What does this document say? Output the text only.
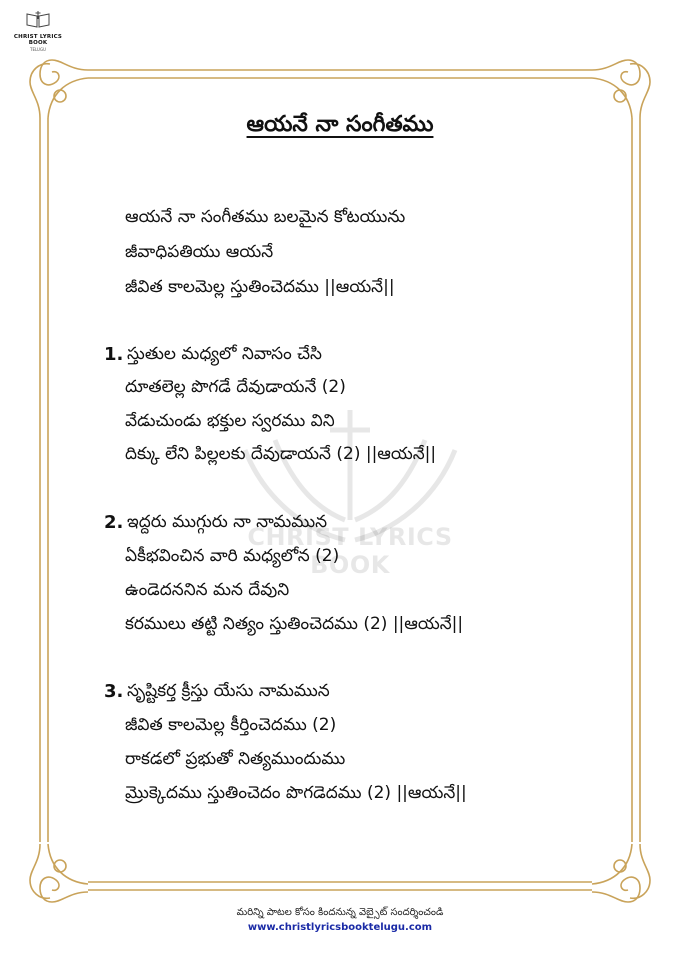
CHRIST LYRICS BOOK
TELUGU
CHRIST LYRICS BOOK
ఆయనే నా సంగీతము
ఆయనే నా సంగీతము బలమైన కోటయును
జీవాధిపతియు ఆయనే
జీవిత కాలమెల్ల స్తుతించెదము ||ఆయనే||
1. స్తుతుల మధ్యలో నివాసం చేసి
దూతలెల్ల పొగడే దేవుడాయనే (2)
వేడుచుండు భక్తుల స్వరము విని
దిక్కు లేని పిల్లలకు దేవుడాయనే (2) ||ఆయనే||
2. ఇద్దరు ముగ్గురు నా నామమున
ఏకీభవించిన వారి మధ్యలోన (2)
ఉండెదననిన మన దేవుని
కరములు తట్టి నిత్యం స్తుతించెదము (2) ||ఆయనే||
3. సృష్టికర్త క్రీస్తు యేసు నామమున
జీవిత కాలమెల్ల కీర్తించెదము (2)
రాకడలో ప్రభుతో నిత్యముందుము
మ్రొక్కెదము స్తుతించెదం పొగడెదము (2) ||ఆయనే||
మరిన్ని పాటల కోసం కిందనున్న వెబ్సైట్ సందర్శించండి
www.christlyricsbooktelugu.com
